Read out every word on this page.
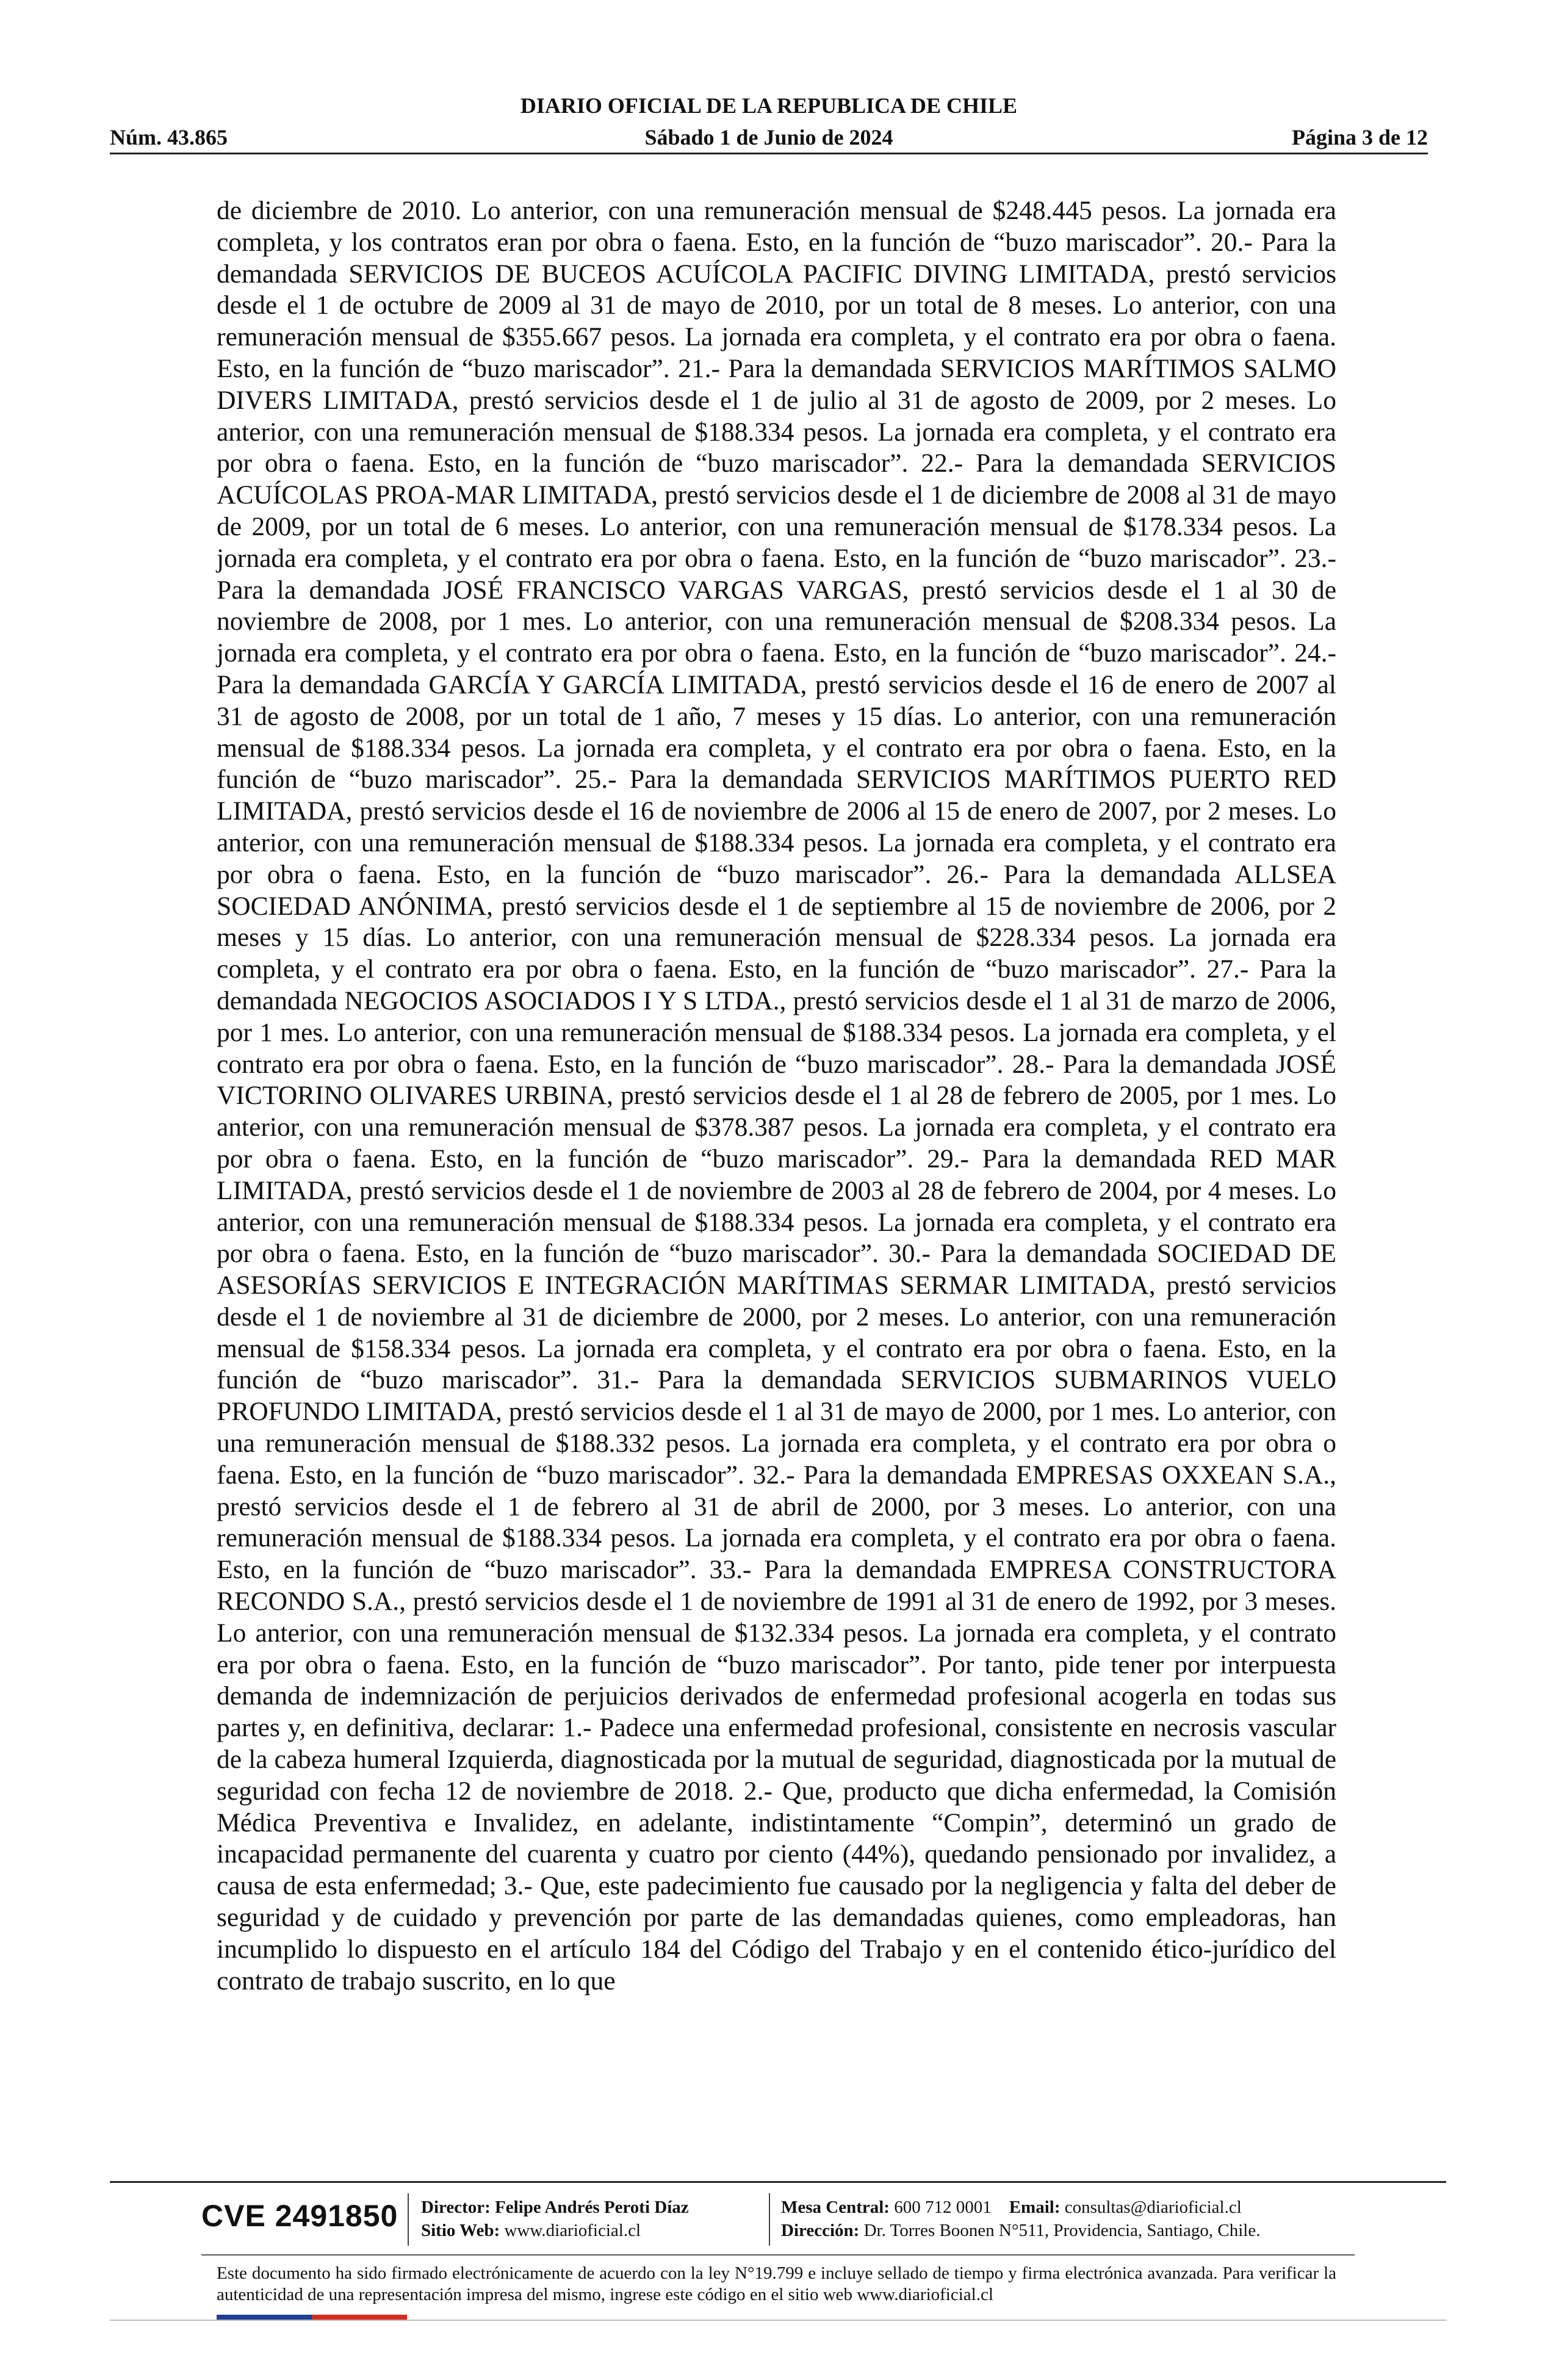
DIARIO OFICIAL DE LA REPUBLICA DE CHILE
Núm. 43.865	Sábado 1 de Junio de 2024	Página 3 de 12

de diciembre de 2010. Lo anterior, con una remuneración mensual de $248.445 pesos. La jornada era completa, y los contratos eran por obra o faena. Esto, en la función de “buzo mariscador”. 20.- Para la demandada SERVICIOS DE BUCEOS ACUÍCOLA PACIFIC DIVING LIMITADA, prestó servicios desde el 1 de octubre de 2009 al 31 de mayo de 2010, por un total de 8 meses. Lo anterior, con una remuneración mensual de $355.667 pesos. La jornada era completa, y el contrato era por obra o faena. Esto, en la función de “buzo mariscador”. 21.- Para la demandada SERVICIOS MARÍTIMOS SALMO DIVERS LIMITADA, prestó servicios desde el 1 de julio al 31 de agosto de 2009, por 2 meses. Lo anterior, con una remuneración mensual de $188.334 pesos. La jornada era completa, y el contrato era por obra o faena. Esto, en la función de “buzo mariscador”. 22.- Para la demandada SERVICIOS ACUÍCOLAS PROA-MAR LIMITADA, prestó servicios desde el 1 de diciembre de 2008 al 31 de mayo de 2009, por un total de 6 meses. Lo anterior, con una remuneración mensual de $178.334 pesos. La jornada era completa, y el contrato era por obra o faena. Esto, en la función de “buzo mariscador”. 23.- Para la demandada JOSÉ FRANCISCO VARGAS VARGAS, prestó servicios desde el 1 al 30 de noviembre de 2008, por 1 mes. Lo anterior, con una remuneración mensual de $208.334 pesos. La jornada era completa, y el contrato era por obra o faena. Esto, en la función de “buzo mariscador”. 24.- Para la demandada GARCÍA Y GARCÍA LIMITADA, prestó servicios desde el 16 de enero de 2007 al 31 de agosto de 2008, por un total de 1 año, 7 meses y 15 días. Lo anterior, con una remuneración mensual de $188.334 pesos. La jornada era completa, y el contrato era por obra o faena. Esto, en la función de “buzo mariscador”. 25.- Para la demandada SERVICIOS MARÍTIMOS PUERTO RED LIMITADA, prestó servicios desde el 16 de noviembre de 2006 al 15 de enero de 2007, por 2 meses. Lo anterior, con una remuneración mensual de $188.334 pesos. La jornada era completa, y el contrato era por obra o faena. Esto, en la función de “buzo mariscador”. 26.- Para la demandada ALLSEA SOCIEDAD ANÓNIMA, prestó servicios desde el 1 de septiembre al 15 de noviembre de 2006, por 2 meses y 15 días. Lo anterior, con una remuneración mensual de $228.334 pesos. La jornada era completa, y el contrato era por obra o faena. Esto, en la función de “buzo mariscador”. 27.- Para la demandada NEGOCIOS ASOCIADOS I Y S LTDA., prestó servicios desde el 1 al 31 de marzo de 2006, por 1 mes. Lo anterior, con una remuneración mensual de $188.334 pesos. La jornada era completa, y el contrato era por obra o faena. Esto, en la función de “buzo mariscador”. 28.- Para la demandada JOSÉ VICTORINO OLIVARES URBINA, prestó servicios desde el 1 al 28 de febrero de 2005, por 1 mes. Lo anterior, con una remuneración mensual de $378.387 pesos. La jornada era completa, y el contrato era por obra o faena. Esto, en la función de “buzo mariscador”. 29.- Para la demandada RED MAR LIMITADA, prestó servicios desde el 1 de noviembre de 2003 al 28 de febrero de 2004, por 4 meses. Lo anterior, con una remuneración mensual de $188.334 pesos. La jornada era completa, y el contrato era por obra o faena. Esto, en la función de “buzo mariscador”. 30.- Para la demandada SOCIEDAD DE ASESORÍAS SERVICIOS E INTEGRACIÓN MARÍTIMAS SERMAR LIMITADA, prestó servicios desde el 1 de noviembre al 31 de diciembre de 2000, por 2 meses. Lo anterior, con una remuneración mensual de $158.334 pesos. La jornada era completa, y el contrato era por obra o faena. Esto, en la función de “buzo mariscador”. 31.- Para la demandada SERVICIOS SUBMARINOS VUELO PROFUNDO LIMITADA, prestó servicios desde el 1 al 31 de mayo de 2000, por 1 mes. Lo anterior, con una remuneración mensual de $188.332 pesos. La jornada era completa, y el contrato era por obra o faena. Esto, en la función de “buzo mariscador”. 32.- Para la demandada EMPRESAS OXXEAN S.A., prestó servicios desde el 1 de febrero al 31 de abril de 2000, por 3 meses. Lo anterior, con una remuneración mensual de $188.334 pesos. La jornada era completa, y el contrato era por obra o faena. Esto, en la función de “buzo mariscador”. 33.- Para la demandada EMPRESA CONSTRUCTORA RECONDO S.A., prestó servicios desde el 1 de noviembre de 1991 al 31 de enero de 1992, por 3 meses. Lo anterior, con una remuneración mensual de $132.334 pesos. La jornada era completa, y el contrato era por obra o faena. Esto, en la función de “buzo mariscador”. Por tanto, pide tener por interpuesta demanda de indemnización de perjuicios derivados de enfermedad profesional acogerla en todas sus partes y, en definitiva, declarar: 1.- Padece una enfermedad profesional, consistente en necrosis vascular de la cabeza humeral Izquierda, diagnosticada por la mutual de seguridad, diagnosticada por la mutual de seguridad con fecha 12 de noviembre de 2018. 2.- Que, producto que dicha enfermedad, la Comisión Médica Preventiva e Invalidez, en adelante, indistintamente “Compin”, determinó un grado de incapacidad permanente del cuarenta y cuatro por ciento (44%), quedando pensionado por invalidez, a causa de esta enfermedad; 3.- Que, este padecimiento fue causado por la negligencia y falta del deber de seguridad y de cuidado y prevención por parte de las demandadas quienes, como empleadoras, han incumplido lo dispuesto en el artículo 184 del Código del Trabajo y en el contenido ético-jurídico del contrato de trabajo suscrito, en lo que

CVE 2491850 Director: Felipe Andrés Peroti Díaz
Sitio Web: www.diarioficial.cl
Mesa Central: 600 712 0001 Email: consultas@diarioficial.cl
Dirección: Dr. Torres Boonen N°511, Providencia, Santiago, Chile.
Este documento ha sido firmado electrónicamente de acuerdo con la ley N°19.799 e incluye sellado de tiempo y firma electrónica avanzada. Para verificar la autenticidad de una representación impresa del mismo, ingrese este código en el sitio web www.diarioficial.cl
